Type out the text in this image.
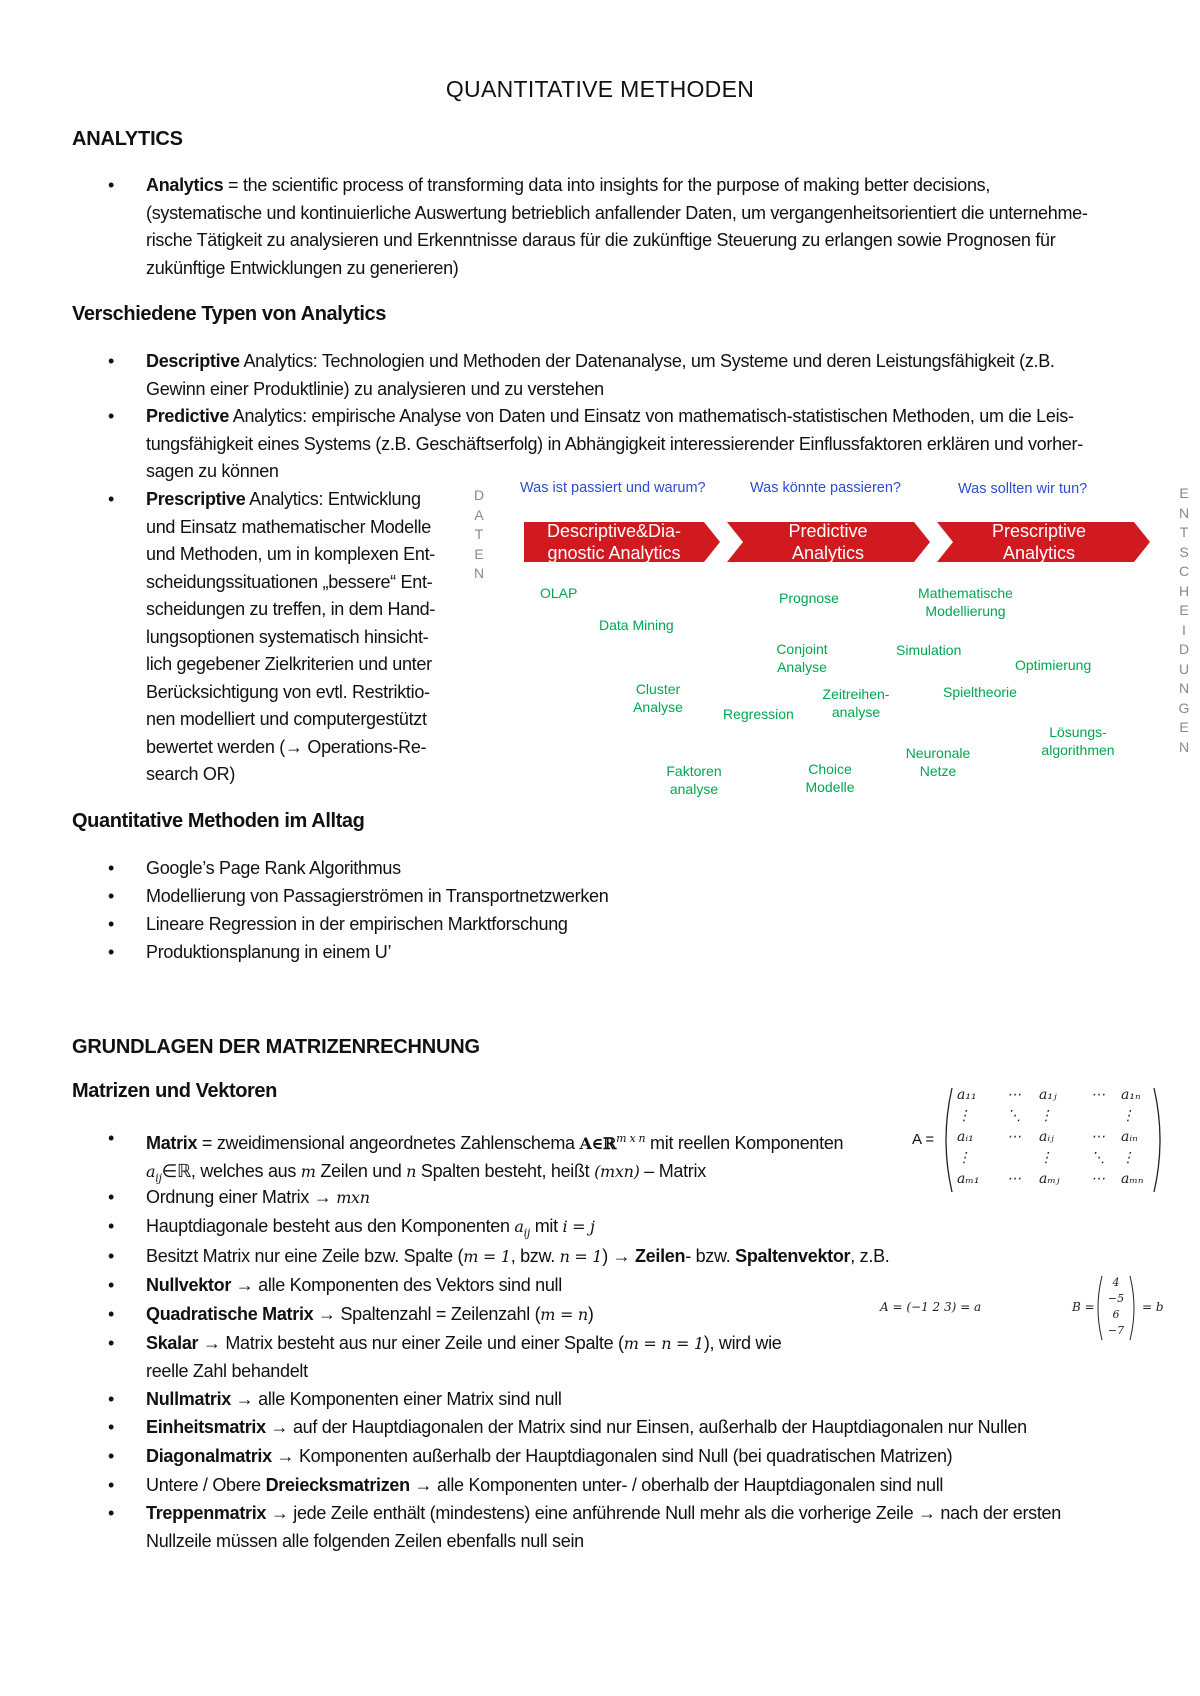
QUANTITATIVE METHODEN
ANALYTICS
• Analytics = the scientific process of transforming data into insights for the purpose of making better decisions,
(systematische und kontinuierliche Auswertung betrieblich anfallender Daten, um vergangenheitsorientiert die unternehme-
rische Tätigkeit zu analysieren und Erkenntnisse daraus für die zukünftige Steuerung zu erlangen sowie Prognosen für
zukünftige Entwicklungen zu generieren)
Verschiedene Typen von Analytics
• Descriptive Analytics: Technologien und Methoden der Datenanalyse, um Systeme und deren Leistungsfähigkeit (z.B.
Gewinn einer Produktlinie) zu analysieren und zu verstehen
• Predictive Analytics: empirische Analyse von Daten und Einsatz von mathematisch-statistischen Methoden, um die Leis-
tungsfähigkeit eines Systems (z.B. Geschäftserfolg) in Abhängigkeit interessierender Einflussfaktoren erklären und vorher-
sagen zu können
• Prescriptive Analytics: Entwicklung
und Einsatz mathematischer Modelle
und Methoden, um in komplexen Ent-
scheidungssituationen „bessere“ Ent-
scheidungen zu treffen, in dem Hand-
lungsoptionen systematisch hinsicht-
lich gegebener Zielkriterien und unter
Berücksichtigung von evtl. Restriktio-
nen modelliert und computergestützt
bewertet werden (→ Operations-Re-
search OR)
D
A
T
E
N
E
N
T
S
C
H
E
I
D
U
N
G
E
N
Was ist passiert und warum?	Was könnte passieren?	Was sollten wir tun?
Descriptive&Dia-
gnostic Analytics
Predictive
Analytics
Prescriptive
Analytics
OLAP
Data Mining
Cluster
Analyse
Faktoren
analyse
Prognose
Conjoint
Analyse
Regression
Zeitreihen-
analyse
Choice
Modelle
Mathematische
Modellierung
Simulation
Optimierung
Spieltheorie
Neuronale
Netze
Lösungs-
algorithmen
Quantitative Methoden im Alltag
• Google’s Page Rank Algorithmus
• Modellierung von Passagierströmen in Transportnetzwerken
• Lineare Regression in der empirischen Marktforschung
• Produktionsplanung in einem U’
GRUNDLAGEN DER MATRIZENRECHNUNG
Matrizen und Vektoren
• Matrix = zweidimensional angeordnetes Zahlenschema A∈ℝ$^{m x n}$ mit reellen Komponenten
$a_{ij}\in ℝ$, welches aus m Zeilen und n Spalten besteht, heißt (mxn) – Matrix
• Ordnung einer Matrix → mxn
• Hauptdiagonale besteht aus den Komponenten $a_{ij}$ mit i = j
• Besitzt Matrix nur eine Zeile bzw. Spalte (m = 1, bzw. n = 1) → Zeilen- bzw. Spaltenvektor, z.B.
• Nullvektor → alle Komponenten des Vektors sind null
• Quadratische Matrix → Spaltenzahl = Zeilenzahl (m = n)
• Skalar → Matrix besteht aus nur einer Zeile und einer Spalte (m = n = 1), wird wie
reelle Zahl behandelt
• Nullmatrix → alle Komponenten einer Matrix sind null
• Einheitsmatrix → auf der Hauptdiagonalen der Matrix sind nur Einsen, außerhalb der Hauptdiagonalen nur Nullen
• Diagonalmatrix → Komponenten außerhalb der Hauptdiagonalen sind Null (bei quadratischen Matrizen)
• Untere / Obere Dreiecksmatrizen → alle Komponenten unter- / oberhalb der Hauptdiagonalen sind null
• Treppenmatrix → jede Zeile enthält (mindestens) eine anführende Null mehr als die vorherige Zeile → nach der ersten
Nullzeile müssen alle folgenden Zeilen ebenfalls null sein
A =
a₁₁	⋯	a₁ⱼ	⋯	a₁ₙ
⋮	⋱	⋮		⋮
aᵢ₁	⋯	aᵢⱼ	⋯	aᵢₙ
⋮		⋮	⋱	⋮
aₘ₁	⋯	aₘⱼ	⋯	aₘₙ
A = (−1 2 3) = a	B =
4
−5
6
−7
= b
